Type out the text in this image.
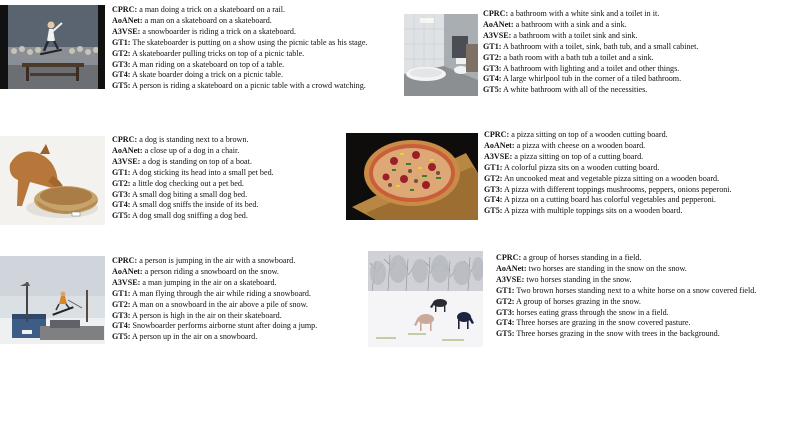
CPRC: a man doing a trick on a skateboard on a rail.
AoANet: a man on a skateboard on a skateboard.
A3VSE: a snowboarder is riding a trick on a skateboard.
GT1: The skateboarder is putting on a show using the picnic table as his stage.
GT2: A skateboarder pulling tricks on top of a picnic table.
GT3: A man riding on a skateboard on top of a table.
GT4: A skate boarder doing a trick on a picnic table.
GT5: A person is riding a skateboard on a picnic table with a crowd watching.
CPRC: a bathroom with a white sink and a toilet in it.
AoANet: a bathroom with a sink and a sink.
A3VSE: a bathroom with a toilet sink and sink.
GT1: A bathroom with a toilet, sink, bath tub, and a small cabinet.
GT2: a bath room with a bath tub a toilet and a sink.
GT3: A bathroom with lighting and a toilet and other things.
GT4: A large whirlpool tub in the corner of a tiled bathroom.
GT5: A white bathroom with all of the necessities.
CPRC: a dog is standing next to a brown.
AoANet: a close up of a dog in a chair.
A3VSE: a dog is standing on top of a boat.
GT1: A dog sticking its head into a small pet bed.
GT2: a little dog checking out a pet bed.
GT3: A small dog biting a small dog bed.
GT4: A small dog sniffs the inside of its bed.
GT5: A dog small dog sniffing a dog bed.
CPRC: a pizza sitting on top of a wooden cutting board.
AoANet: a pizza with cheese on a wooden board.
A3VSE: a pizza sitting on top of a cutting board.
GT1: A colorful pizza sits on a wooden cutting board.
GT2: An uncooked meat and vegetable pizza sitting on a wooden board.
GT3: A pizza with different toppings mushrooms, peppers, onions peperoni.
GT4: A pizza on a cutting board has colorful vegetables and pepperoni.
GT5: A pizza with multiple toppings sits on a wooden board.
CPRC: a person is jumping in the air with a snowboard.
AoANet: a person riding a snowboard on the snow.
A3VSE: a man jumping in the air on a skateboard.
GT1: A man flying through the air while riding a snowboard.
GT2: A man on a snowboard in the air above a pile of snow.
GT3: A person is high in the air on their skateboard.
GT4: Snowboarder performs airborne stunt after doing a jump.
GT5: A person up in the air on a snowboard.
CPRC: a group of horses standing in a field.
AoANet: two horses are standing in the snow on the snow.
A3VSE: two horses standing in the snow.
GT1: Two brown horses standing next to a white horse on a snow covered field.
GT2: A group of horses grazing in the snow.
GT3: horses eating grass through the snow in a field.
GT4: Three horses are grazing in the snow covered pasture.
GT5: Three horses grazing in the snow with trees in the background.
